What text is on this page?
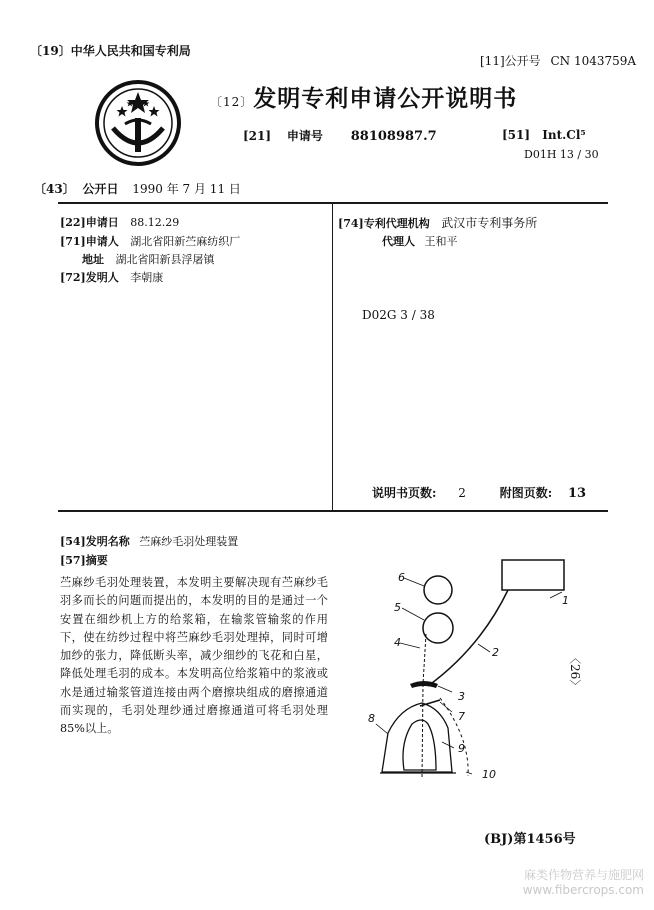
〔19〕中华人民共和国专利局
[11]公开号 CN 1043759A
〔12〕发明专利申请公开说明书
[21] 申请号 88108987.7	[51] Int.Cl⁵
D01H 13 / 30
〔43〕 公开日 1990 年 7 月 11 日
[22]申请日 88.12.29
[71]申请人 湖北省阳新苎麻纺织厂
地址 湖北省阳新县浮屠镇
[72]发明人 李朝康
[74]专利代理机构 武汉市专利事务所
代理人 王和平
D02G 3 / 38
说明书页数: 2	附图页数: 13
[54]发明名称 苎麻纱毛羽处理装置
[57]摘要
苎麻纱毛羽处理装置，本发明主要解决现有苎麻纱毛羽多而长的问题而提出的，本发明的目的是通过一个安置在细纱机上方的给浆箱，在输浆管输浆的作用下，使在纺纱过程中将苎麻纱毛羽处理掉，同时可增加纱的张力，降低断头率，减少细纱的飞花和白星，降低处理毛羽的成本。本发明高位给浆箱中的浆液或水是通过输浆管道连接由两个磨擦块组成的磨擦通道而实现的，毛羽处理纱通过磨擦通道可将毛羽处理85%以上。
1
2
3
4
5
6
7
8
9
10
〈26〉
(BJ)第1456号
麻类作物营养与施肥网
www.fibercrops.com
